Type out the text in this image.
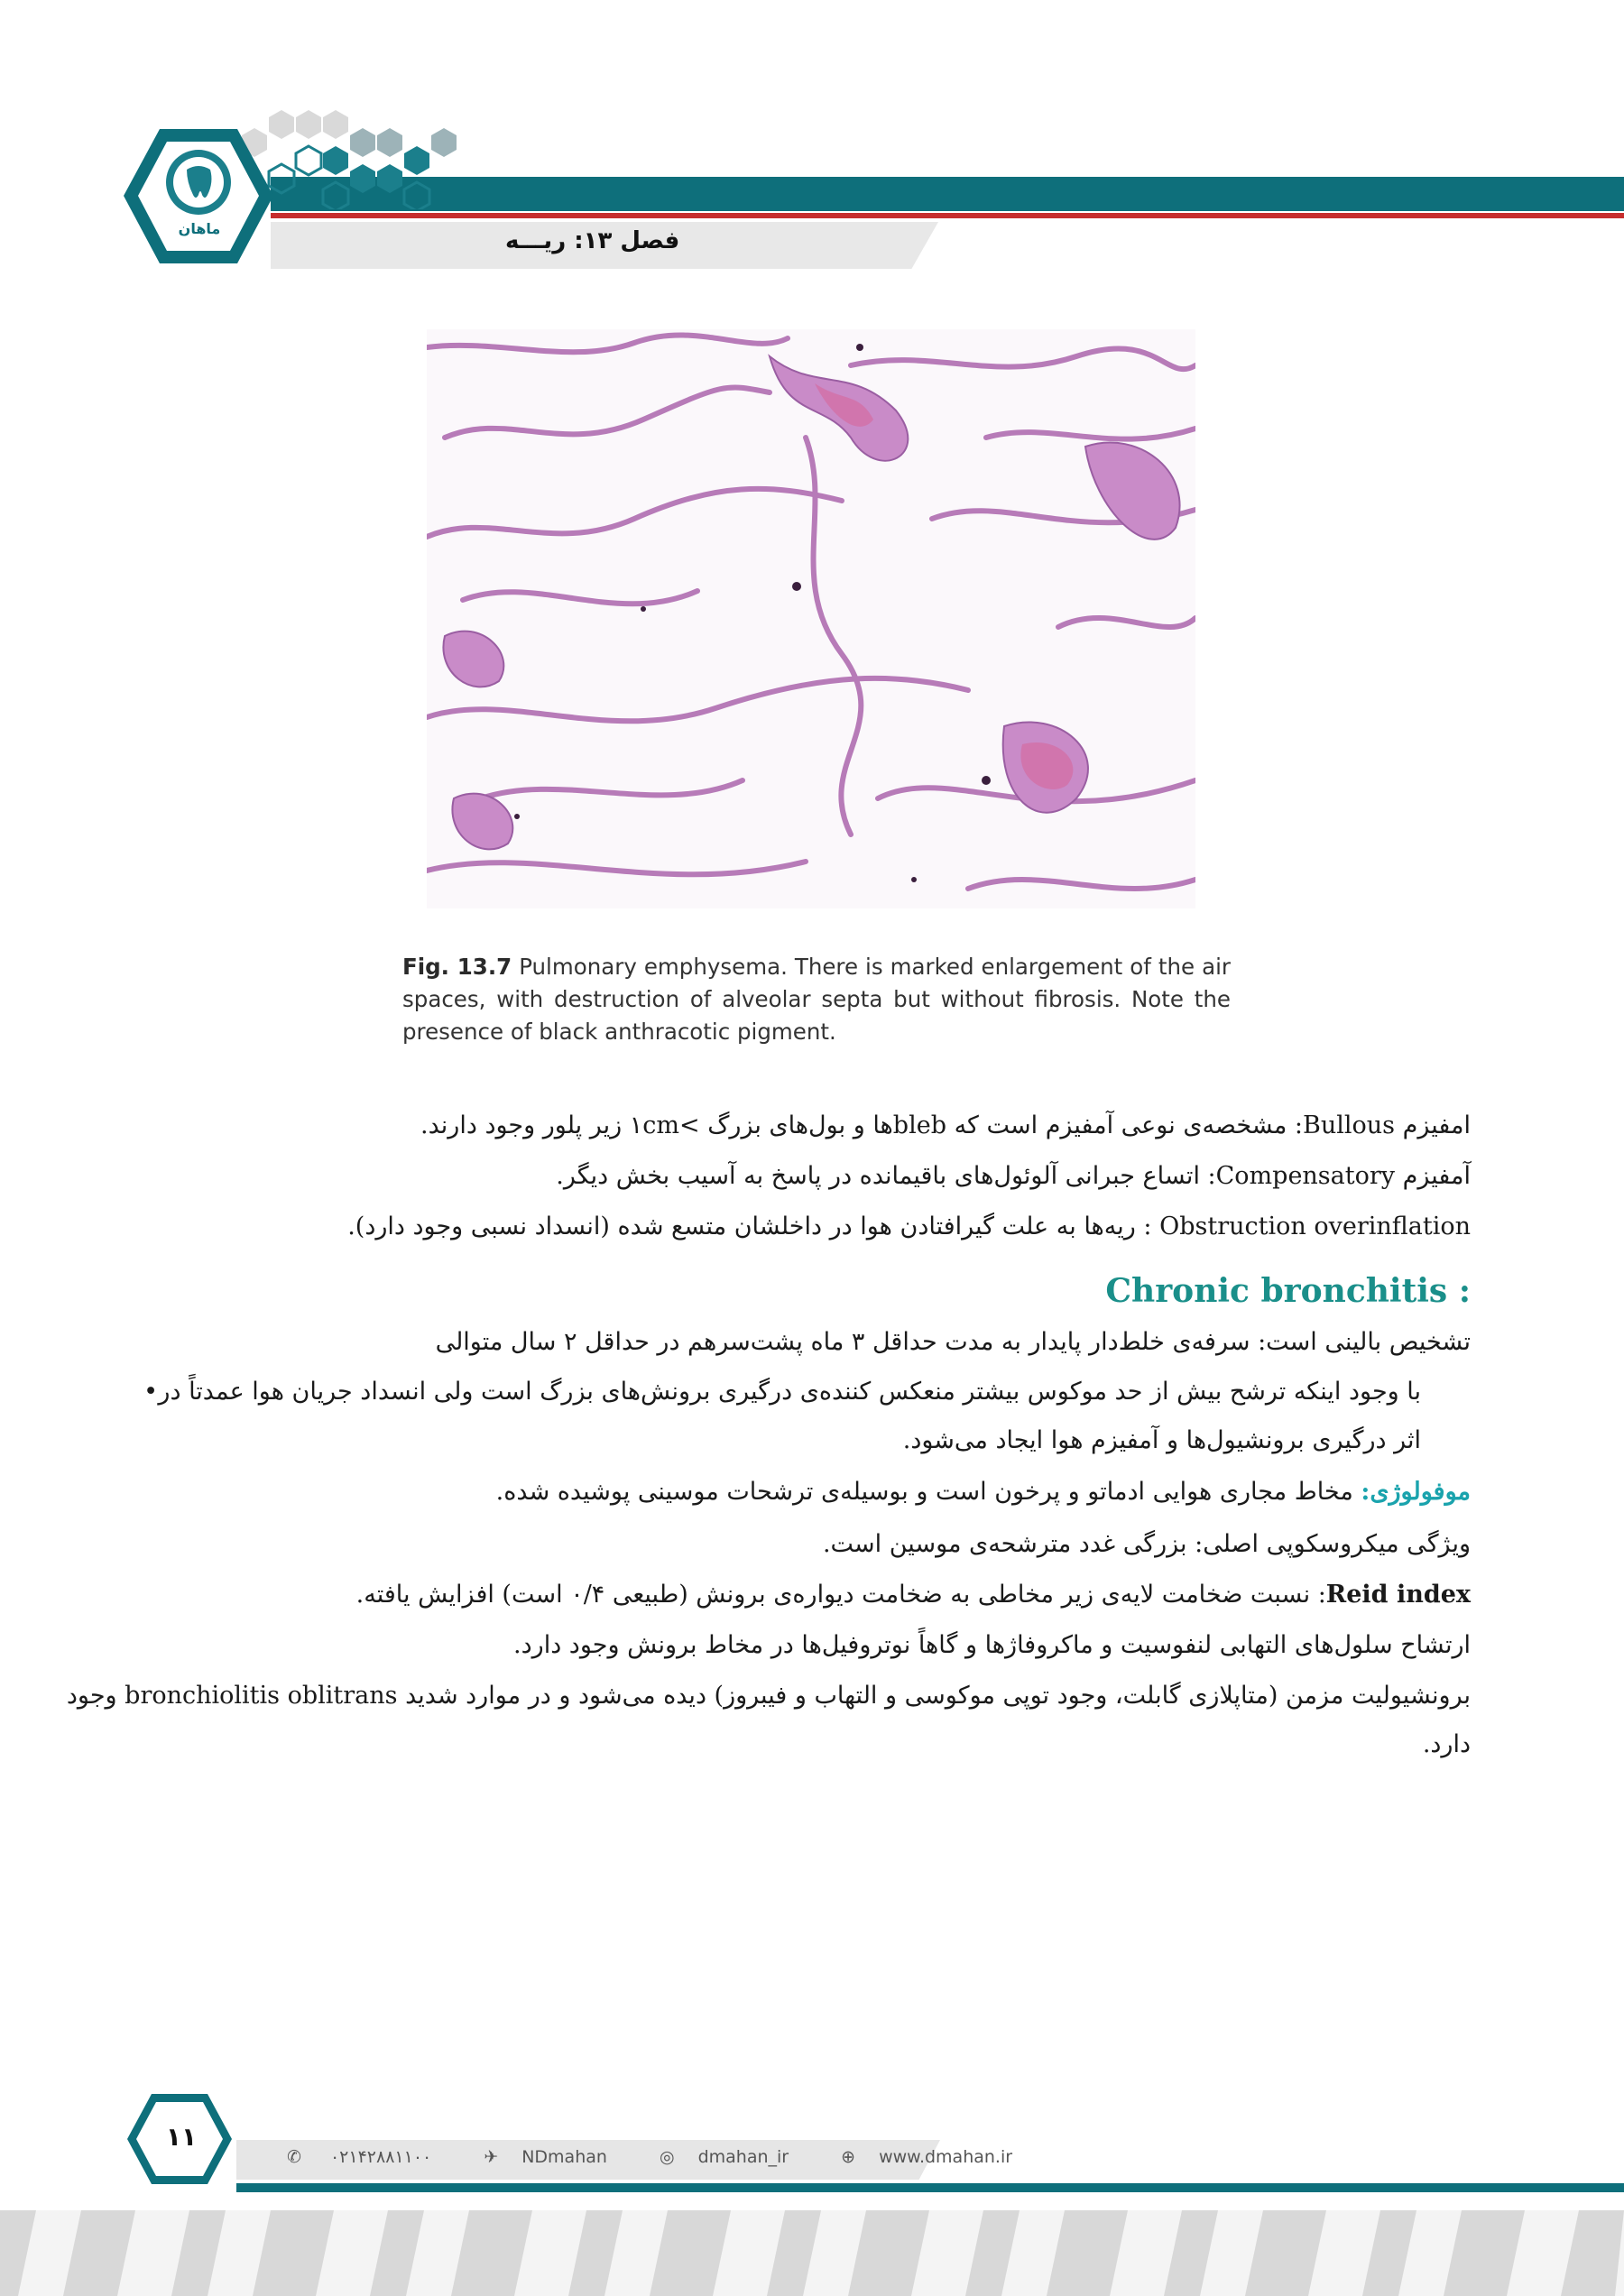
فصل ۱۳: ریـــه
ماهان
Fig. 13.7 Pulmonary emphysema. There is marked enlargement of the air spaces, with destruction of alveolar septa but without fibrosis. Note the presence of black anthracotic pigment.
امفیزم Bullous: مشخصه‌ی نوعی آمفیزم است که blebها و بول‌های بزرگ >۱cm زیر پلور وجود دارند.
آمفیزم Compensatory: اتساع جبرانی آلوئول‌های باقیمانده در پاسخ به آسیب بخش دیگر.
Obstruction overinflation : ریه‌ها به علت گیرافتادن هوا در داخلشان متسع شده (انسداد نسبی وجود دارد).
: Chronic bronchitis
تشخیص بالینی است: سرفه‌ی خلط‌دار پایدار به مدت حداقل ۳ ماه پشت‌سرهم در حداقل ۲ سال متوالی
• با وجود اینکه ترشح بیش از حد موکوس بیشتر منعکس کننده‌ی درگیری برونش‌های بزرگ است ولی انسداد جریان هوا عمدتاً در
اثر درگیری برونشیول‌ها و آمفیزم هوا ایجاد می‌شود.
موفولوژی: مخاط مجاری هوایی ادماتو و پرخون است و بوسیله‌ی ترشحات موسینی پوشیده شده.
ویژگی میکروسکوپی اصلی: بزرگی غدد مترشحه‌ی موسین است.
Reid index: نسبت ضخامت لایه‌ی زیر مخاطی به ضخامت دیواره‌ی برونش (طبیعی ۰/۴ است) افزایش یافته.
ارتشاح سلول‌های التهابی لنفوسیت و ماکروفاژها و گاهاً نوتروفیل‌ها در مخاط برونش وجود دارد.
برونشیولیت مزمن (متاپلازی گابلت، وجود توپی موکوسی و التهاب و فیبروز) دیده می‌شود و در موارد شدید bronchiolitis oblitrans وجود
دارد.
۱۱
✆ ۰۲۱۴۲۸۸۱۱۰۰	✈ NDmahan	◎ dmahan_ir	⊕ www.dmahan.ir
